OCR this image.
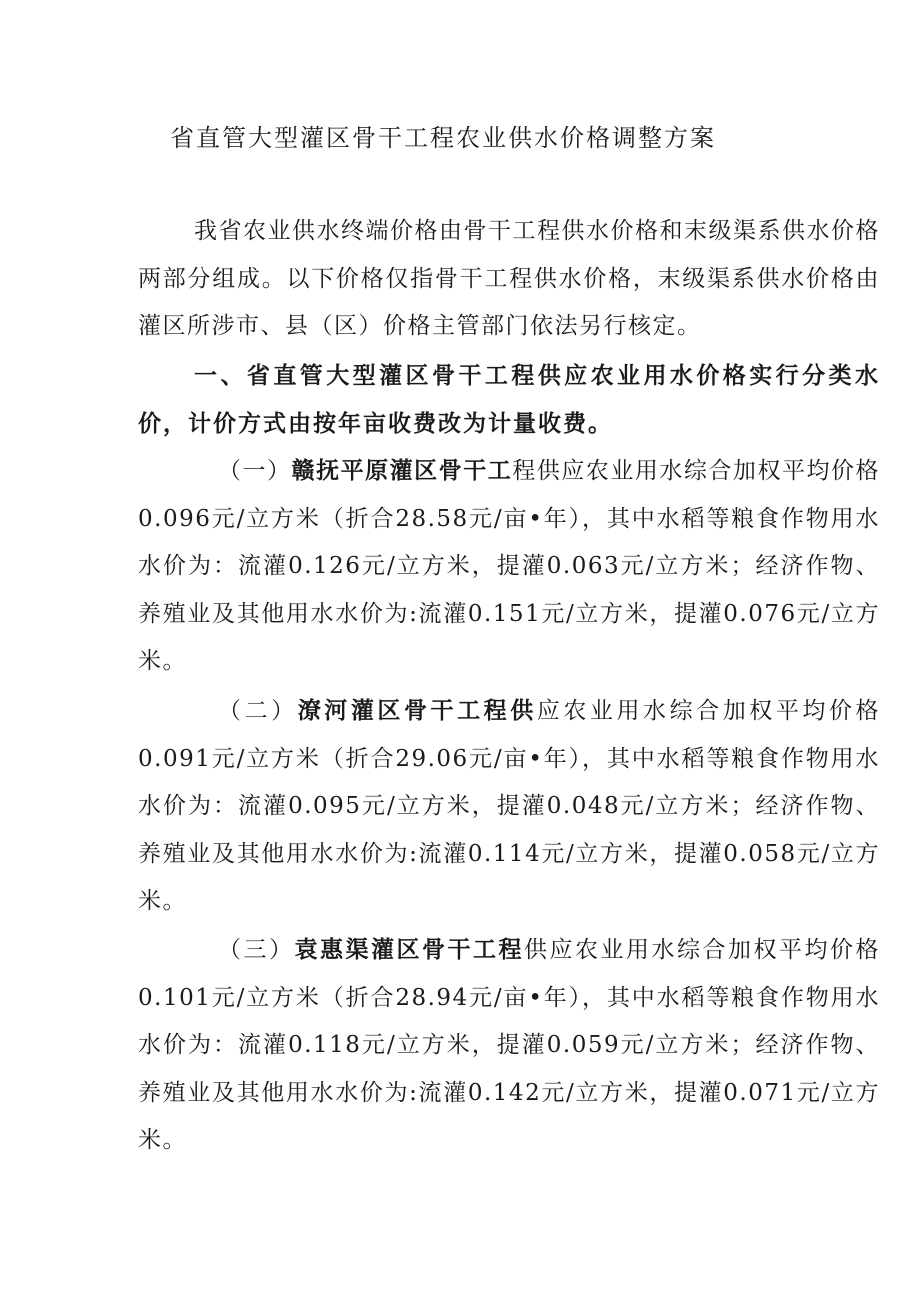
省直管大型灌区骨干工程农业供水价格调整方案
我省农业供水终端价格由骨干工程供水价格和末级渠系供水价格两部分组成。以下价格仅指骨干工程供水价格，末级渠系供水价格由灌区所涉市、县（区）价格主管部门依法另行核定。
一、省直管大型灌区骨干工程供应农业用水价格实行分类水价，计价方式由按年亩收费改为计量收费。
（一）赣抚平原灌区骨干工程供应农业用水综合加权平均价格0.096元/立方米（折合28.58元/亩•年），其中水稻等粮食作物用水水价为：流灌0.126元/立方米，提灌0.063元/立方米；经济作物、养殖业及其他用水水价为:流灌0.151元/立方米，提灌0.076元/立方米。
（二）潦河灌区骨干工程供应农业用水综合加权平均价格0.091元/立方米（折合29.06元/亩•年），其中水稻等粮食作物用水水价为：流灌0.095元/立方米，提灌0.048元/立方米；经济作物、养殖业及其他用水水价为:流灌0.114元/立方米，提灌0.058元/立方米。
（三）袁惠渠灌区骨干工程供应农业用水综合加权平均价格0.101元/立方米（折合28.94元/亩•年），其中水稻等粮食作物用水水价为：流灌0.118元/立方米，提灌0.059元/立方米；经济作物、养殖业及其他用水水价为:流灌0.142元/立方米，提灌0.071元/立方米。
